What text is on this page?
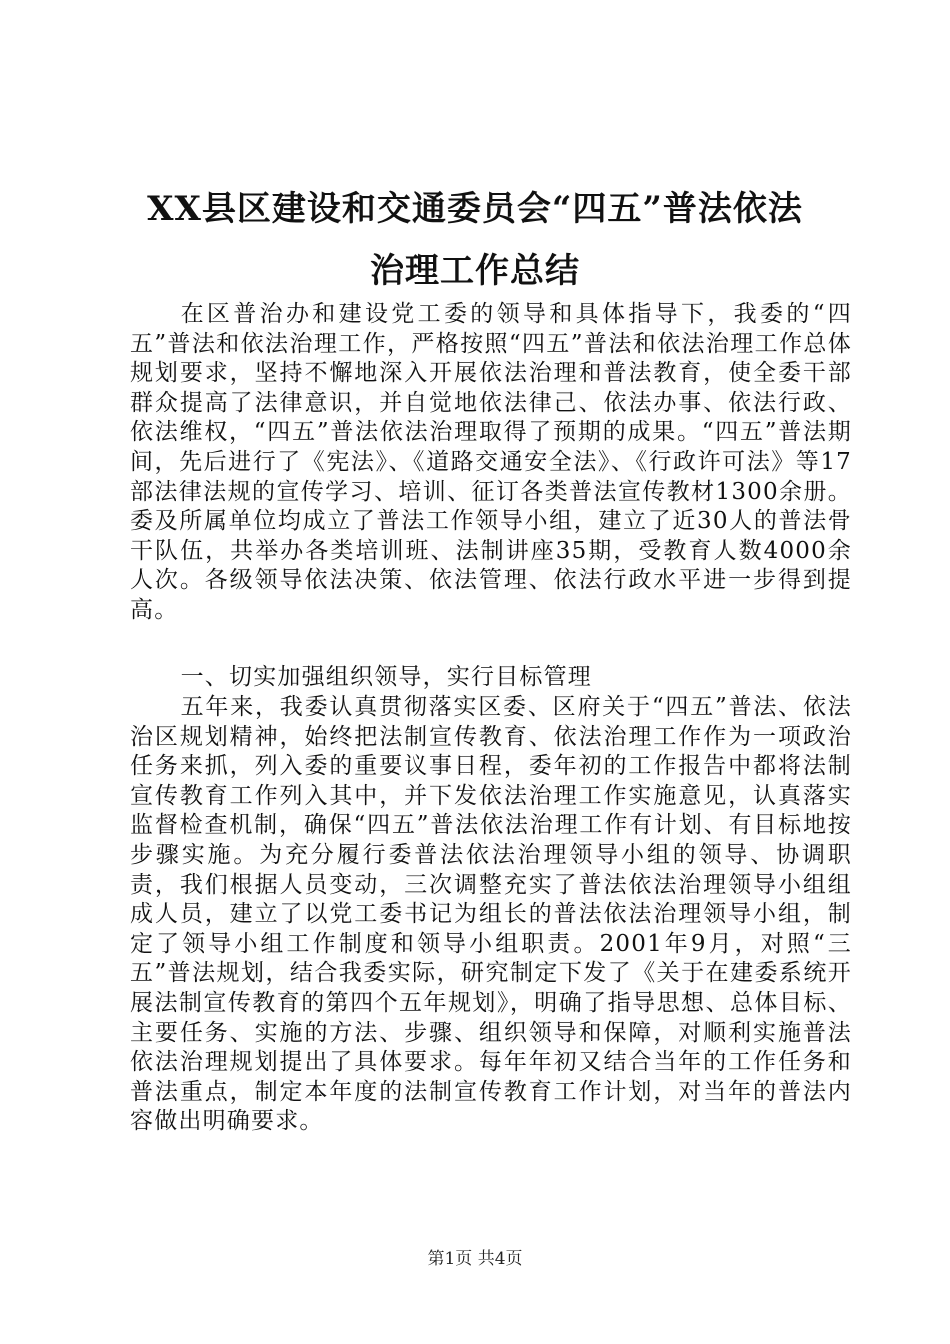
XX县区建设和交通委员会“四五”普法依法
治理工作总结

在区普治办和建设党工委的领导和具体指导下，我委的“四五”普法和依法治理工作，严格按照“四五”普法和依法治理工作总体规划要求，坚持不懈地深入开展依法治理和普法教育，使全委干部群众提高了法律意识，并自觉地依法律己、依法办事、依法行政、依法维权，“四五”普法依法治理取得了预期的成果。“四五”普法期间，先后进行了《宪法》、《道路交通安全法》、《行政许可法》等17部法律法规的宣传学习、培训、征订各类普法宣传教材1300余册。委及所属单位均成立了普法工作领导小组，建立了近30人的普法骨干队伍，共举办各类培训班、法制讲座35期，受教育人数4000余人次。各级领导依法决策、依法管理、依法行政水平进一步得到提高。

一、切实加强组织领导，实行目标管理

五年来，我委认真贯彻落实区委、区府关于“四五”普法、依法治区规划精神，始终把法制宣传教育、依法治理工作作为一项政治任务来抓，列入委的重要议事日程，委年初的工作报告中都将法制宣传教育工作列入其中，并下发依法治理工作实施意见，认真落实监督检查机制，确保“四五”普法依法治理工作有计划、有目标地按步骤实施。为充分履行委普法依法治理领导小组的领导、协调职责，我们根据人员变动，三次调整充实了普法依法治理领导小组组成人员，建立了以党工委书记为组长的普法依法治理领导小组，制定了领导小组工作制度和领导小组职责。2001年9月，对照“三五”普法规划，结合我委实际，研究制定下发了《关于在建委系统开展法制宣传教育的第四个五年规划》，明确了指导思想、总体目标、主要任务、实施的方法、步骤、组织领导和保障，对顺利实施普法依法治理规划提出了具体要求。每年年初又结合当年的工作任务和普法重点，制定本年度的法制宣传教育工作计划，对当年的普法内容做出明确要求。

第1页 共4页
